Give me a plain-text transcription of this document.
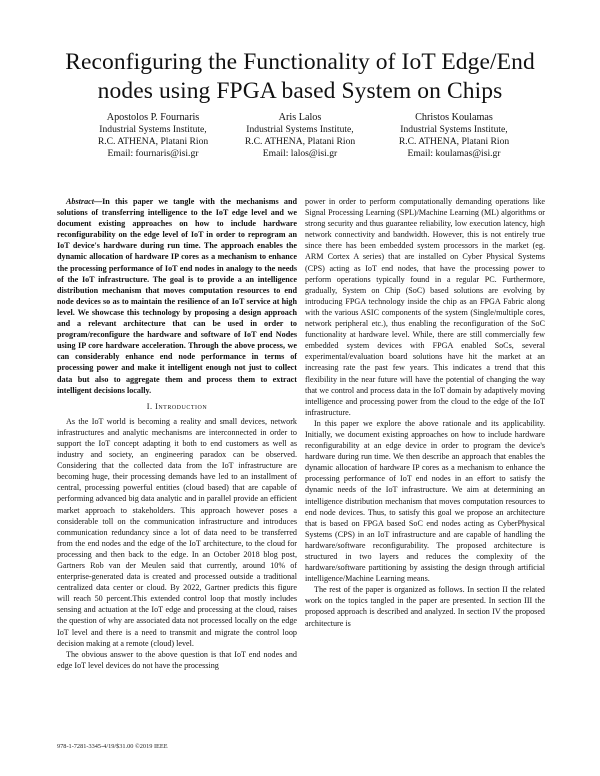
Reconfiguring the Functionality of IoT Edge/End
nodes using FPGA based System on Chips
Apostolos P. Fournaris
Industrial Systems Institute,
R.C. ATHENA, Platani Rion
Email: fournaris@isi.gr
Aris Lalos
Industrial Systems Institute,
R.C. ATHENA, Platani Rion
Email: lalos@isi.gr
Christos Koulamas
Industrial Systems Institute,
R.C. ATHENA, Platani Rion
Email: koulamas@isi.gr

Abstract—In this paper we tangle with the mechanisms and solutions of transferring intelligence to the IoT edge level and we document existing approaches on how to include hardware reconfigurability on the edge level of IoT in order to reprogram an IoT device's hardware during run time. The approach enables the dynamic allocation of hardware IP cores as a mechanism to enhance the processing performance of IoT end nodes in analogy to the needs of the IoT infrastructure. The goal is to provide a an intelligence distribution mechanism that moves computation resources to end node devices so as to maintain the resilience of an IoT service at high level. We showcase this technology by proposing a design approach and a relevant architecture that can be used in order to program/reconfigure the hardware and software of IoT end Nodes using IP core hardware acceleration. Through the above process, we can considerably enhance end node performance in terms of processing power and make it intelligent enough not just to collect data but also to aggregate them and process them to extract intelligent decisions locally.

I. Introduction

As the IoT world is becoming a reality and small devices, network infrastructures and analytic mechanisms are interconnected in order to support the IoT concept adapting it both to end customers as well as industry and society, an engineering paradox can be observed. Considering that the collected data from the IoT infrastructure are becoming huge, their processing demands have led to an installment of central, processing powerful entities (cloud based) that are capable of performing advanced big data analytic and in parallel provide an efficient market approach to stakeholders. This approach however poses a considerable toll on the communication infrastructure and introduces communication redundancy since a lot of data need to be transferred from the end nodes and the edge of the IoT architecture, to the cloud for processing and then back to the edge. In an October 2018 blog post, Gartners Rob van der Meulen said that currently, around 10% of enterprise-generated data is created and processed outside a traditional centralized data center or cloud. By 2022, Gartner predicts this figure will reach 50 percent.This extended control loop that mostly includes sensing and actuation at the IoT edge and processing at the cloud, raises the question of why are associated data not processed locally on the edge IoT level and there is a need to transmit and migrate the control loop decision making at a remote (cloud) level.

The obvious answer to the above question is that IoT end nodes and edge IoT level devices do not have the processing

power in order to perform computationally demanding operations like Signal Processing Learning (SPL)/Machine Learning (ML) algorithms or strong security and thus guarantee reliability, low execution latency, high network connectivity and bandwidth. However, this is not entirely true since there has been embedded system processors in the market (eg. ARM Cortex A series) that are installed on Cyber Physical Systems (CPS) acting as IoT end nodes, that have the processing power to perform operations typically found in a regular PC. Furthermore, gradually, System on Chip (SoC) based solutions are evolving by introducing FPGA technology inside the chip as an FPGA Fabric along with the various ASIC components of the system (Single/multiple cores, network peripheral etc.), thus enabling the reconfiguration of the SoC functionality at hardware level. While, there are still commercially few embedded system devices with FPGA enabled SoCs, several experimental/evaluation board solutions have hit the market at an increasing rate the past few years. This indicates a trend that this flexibility in the near future will have the potential of changing the way that we control and process data in the IoT domain by adaptively moving intelligence and processing power from the cloud to the edge of the IoT infrastructure.

In this paper we explore the above rationale and its applicability. Initially, we document existing approaches on how to include hardware reconfigurability at an edge device in order to program the device's hardware during run time. We then describe an approach that enables the dynamic allocation of hardware IP cores as a mechanism to enhance the processing performance of IoT end nodes in an effort to satisfy the dynamic needs of the IoT infrastructure. We aim at determining an intelligence distribution mechanism that moves computation resources to end node devices. Thus, to satisfy this goal we propose an architecture that is based on FPGA based SoC end nodes acting as CyberPhysical Systems (CPS) in an IoT infrastructure and are capable of handling the hardware/software reconfigurability. The proposed architecture is structured in two layers and reduces the complexity of the hardware/software partitioning by assisting the design through artificial intelligence/Machine Learning means.

The rest of the paper is organized as follows. In section II the related work on the topics tangled in the paper are presented. In section III the proposed approach is described and analyzed. In section IV the proposed architecture is

978-1-7281-3345-4/19/$31.00 ©2019 IEEE
